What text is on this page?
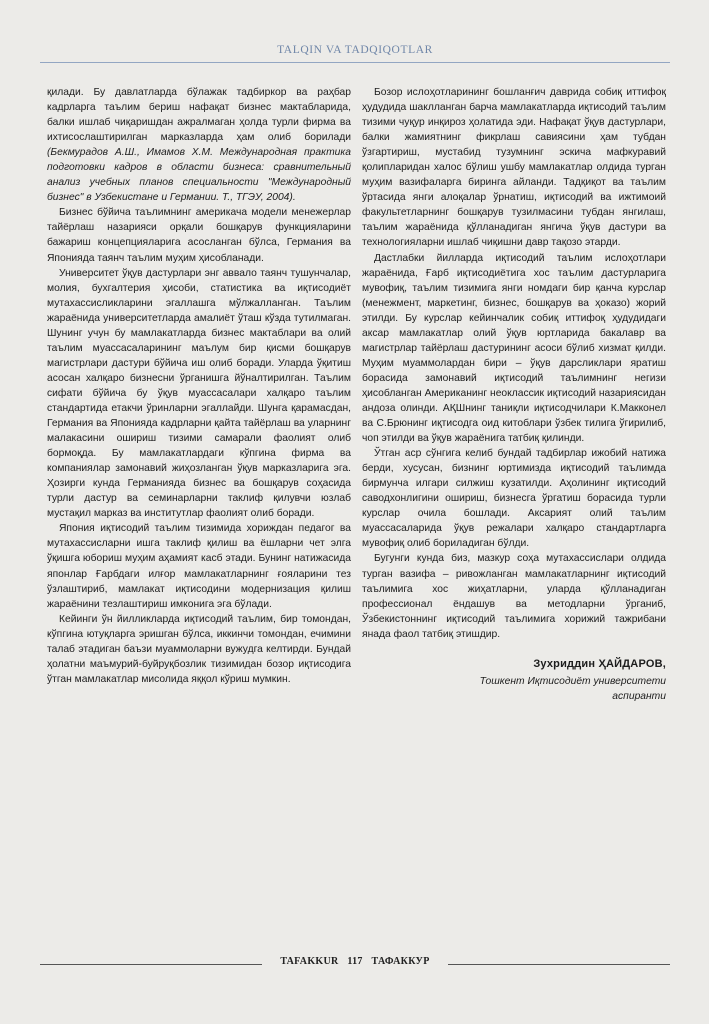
TALQIN VA TADQIQOTLAR

қилади. Бу давлатларда бўлажак тадбиркор ва раҳбар кадрларга таълим бериш нафақат бизнес мактабларида, балки ишлаб чиқаришдан ажралмаган ҳолда турли фирма ва ихтисослаштирилган марказларда ҳам олиб борилади (Бекмурадов А.Ш., Имамов Х.М. Международная практика подготовки кадров в области бизнеса: сравнительный анализ учебных планов специальности "Международный бизнес" в Узбекистане и Германии. Т., ТГЭУ, 2004).

Бизнес бўйича таълимнинг америкача модели менежерлар тайёрлаш назарияси орқали бошқарув функцияларини бажариш концепцияларига асосланган бўлса, Германия ва Японияда таянч таълим муҳим ҳисобланади.

Университет ўқув дастурлари энг аввало таянч тушунчалар, молия, бухгалтерия ҳисоби, статистика ва иқтисодиёт мутахассисликларини эгаллашга мўлжалланган. Таълим жараёнида университетларда амалиёт ўташ кўзда тутилмаган. Шунинг учун бу мамлакатларда бизнес мактаблари ва олий таълим муассасаларининг маълум бир қисми бошқарув магистрлари дастури бўйича иш олиб боради. Уларда ўқитиш асосан халқаро бизнесни ўрганишга йўналтирилган. Таълим сифати бўйича бу ўқув муассасалари халқаро таълим стандартида етакчи ўринларни эгаллайди. Шунга қарамасдан, Германия ва Японияда кадрларни қайта тайёрлаш ва уларнинг малакасини ошириш тизими самарали фаолият олиб бормоқда. Бу мамлакатлардаги кўпгина фирма ва компаниялар замонавий жиҳозланган ўқув марказларига эга. Ҳозирги кунда Германияда бизнес ва бошқарув соҳасида турли дастур ва семинарларни таклиф қилувчи юзлаб мустақил марказ ва институтлар фаолият олиб боради.

Япония иқтисодий таълим тизимида хориждан педагог ва мутахассисларни ишга таклиф қилиш ва ёшларни чет элга ўқишга юбориш муҳим аҳамият касб этади. Бунинг натижасида японлар Ғарбдаги илғор мамлакатларнинг ғояларини тез ўзлаштириб, мамлакат иқтисодини модернизация қилиш жараёнини тезлаштириш имконига эга бўлади.

Кейинги ўн йилликларда иқтисодий таълим, бир томондан, кўпгина ютуқларга эришган бўлса, иккинчи томондан, ечимини талаб этадиган баъзи муаммоларни вужудга келтирди. Бундай ҳолатни маъмурий-буйруқбозлик тизимидан бозор иқтисодига ўтган мамлакатлар мисолида яққол кўриш мумкин.

Бозор ислоҳотларининг бошланғич даврида собиқ иттифоқ ҳудудида шаклланган барча мамлакатларда иқтисодий таълим тизими чуқур инқироз ҳолатида эди. Нафақат ўқув дастурлари, балки жамиятнинг фикрлаш савиясини ҳам тубдан ўзгартириш, мустабид тузумнинг эскича мафкуравий қолипларидан халос бўлиш ушбу мамлакатлар олдида турган муҳим вазифаларга биринга айланди. Тадқиқот ва таълим ўртасида янги алоқалар ўрнатиш, иқтисодий ва ижтимоий факультетларнинг бошқарув тузилмасини тубдан янгилаш, таълим жараёнида қўлланадиган янгича ўқув дастури ва технологияларни ишлаб чиқишни давр тақозо этарди.

Дастлабки йилларда иқтисодий таълим ислоҳотлари жараёнида, Ғарб иқтисодиётига хос таълим дастурларига мувофиқ, таълим тизимига янги номдаги бир қанча курслар (менежмент, маркетинг, бизнес, бошқарув ва ҳоказо) жорий этилди. Бу курслар кейинчалик собиқ иттифоқ ҳудудидаги аксар мамлакатлар олий ўқув юртларида бакалавр ва магистрлар тайёрлаш дастурининг асоси бўлиб хизмат қилди. Муҳим муаммолардан бири – ўқув дарсликлари яратиш борасида замонавий иқтисодий таълимнинг негизи ҳисобланган Американинг неоклассик иқтисодий назариясидан андоза олинди. АҚШнинг таниқли иқтисодчилари К.Макконел ва С.Брюнинг иқтисодга оид китоблари ўзбек тилига ўгирилиб, чоп этилди ва ўқув жараёнига татбиқ қилинди.

Ўтган аср сўнгига келиб бундай тадбирлар ижобий натижа берди, хусусан, бизнинг юртимизда иқтисодий таълимда бирмунча илгари силжиш кузатилди. Аҳолининг иқтисодий саводхонлигини ошириш, бизнесга ўргатиш борасида турли курслар очила бошлади. Аксарият олий таълим муассасаларида ўқув режалари халқаро стандартларга мувофиқ олиб бориладиган бўлди.

Бугунги кунда биз, мазкур соҳа мутахассислари олдида турган вазифа – ривожланган мамлакатларнинг иқтисодий таълимига хос жиҳатларни, уларда қўлланадиган профессионал ёндашув ва методларни ўрганиб, Ўзбекистоннинг иқтисодий таълимига хорижий тажрибани янада фаол татбиқ этишдир.

Зухриддин ҲАЙДАРОВ,

Тошкент Иқтисодиёт университети
аспиранти

TAFAKKUR 117 ТАФАККУР
